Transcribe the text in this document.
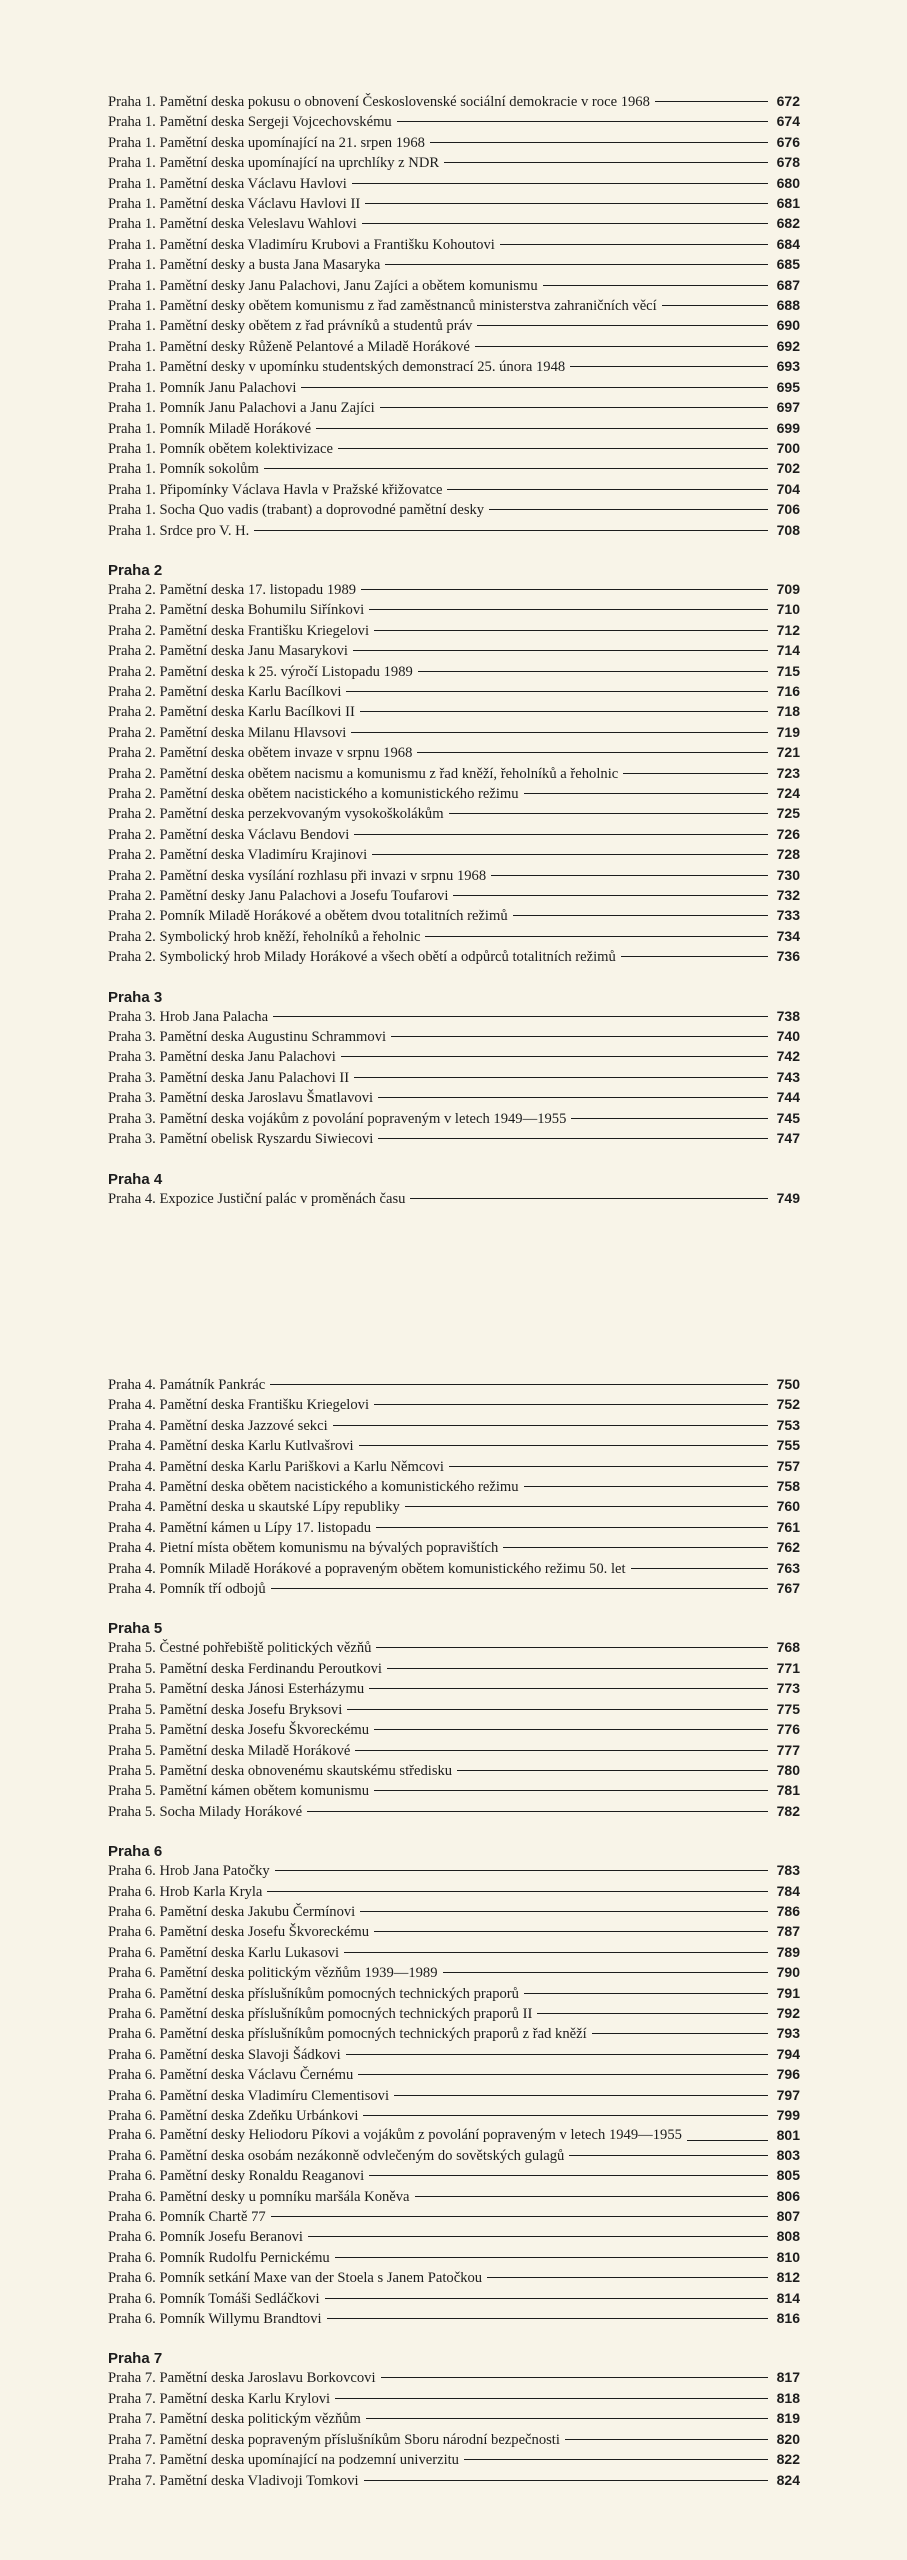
Praha 1. Pamětní deska pokusu o obnovení Československé sociální demokracie v roce 1968	672
Praha 1. Pamětní deska Sergeji Vojcechovskému	674
Praha 1. Pamětní deska upomínající na 21. srpen 1968	676
Praha 1. Pamětní deska upomínající na uprchlíky z NDR	678
Praha 1. Pamětní deska Václavu Havlovi	680
Praha 1. Pamětní deska Václavu Havlovi II	681
Praha 1. Pamětní deska Veleslavu Wahlovi	682
Praha 1. Pamětní deska Vladimíru Krubovi a Františku Kohoutovi	684
Praha 1. Pamětní desky a busta Jana Masaryka	685
Praha 1. Pamětní desky Janu Palachovi, Janu Zajíci a obětem komunismu	687
Praha 1. Pamětní desky obětem komunismu z řad zaměstnanců ministerstva zahraničních věcí	688
Praha 1. Pamětní desky obětem z řad právníků a studentů práv	690
Praha 1. Pamětní desky Růženě Pelantové a Miladě Horákové	692
Praha 1. Pamětní desky v upomínku studentských demonstrací 25. února 1948	693
Praha 1. Pomník Janu Palachovi	695
Praha 1. Pomník Janu Palachovi a Janu Zajíci	697
Praha 1. Pomník Miladě Horákové	699
Praha 1. Pomník obětem kolektivizace	700
Praha 1. Pomník sokolům	702
Praha 1. Připomínky Václava Havla v Pražské křižovatce	704
Praha 1. Socha Quo vadis (trabant) a doprovodné pamětní desky	706
Praha 1. Srdce pro V. H.	708
Praha 2
Praha 2. Pamětní deska 17. listopadu 1989	709
Praha 2. Pamětní deska Bohumilu Siřínkovi	710
Praha 2. Pamětní deska Františku Kriegelovi	712
Praha 2. Pamětní deska Janu Masarykovi	714
Praha 2. Pamětní deska k 25. výročí Listopadu 1989	715
Praha 2. Pamětní deska Karlu Bacílkovi	716
Praha 2. Pamětní deska Karlu Bacílkovi II	718
Praha 2. Pamětní deska Milanu Hlavsovi	719
Praha 2. Pamětní deska obětem invaze v srpnu 1968	721
Praha 2. Pamětní deska obětem nacismu a komunismu z řad kněží, řeholníků a řeholnic	723
Praha 2. Pamětní deska obětem nacistického a komunistického režimu	724
Praha 2. Pamětní deska perzekvovaným vysokoškolákům	725
Praha 2. Pamětní deska Václavu Bendovi	726
Praha 2. Pamětní deska Vladimíru Krajinovi	728
Praha 2. Pamětní deska vysílání rozhlasu při invazi v srpnu 1968	730
Praha 2. Pamětní desky Janu Palachovi a Josefu Toufarovi	732
Praha 2. Pomník Miladě Horákové a obětem dvou totalitních režimů	733
Praha 2. Symbolický hrob kněží, řeholníků a řeholnic	734
Praha 2. Symbolický hrob Milady Horákové a všech obětí a odpůrců totalitních režimů	736
Praha 3
Praha 3. Hrob Jana Palacha	738
Praha 3. Pamětní deska Augustinu Schrammovi	740
Praha 3. Pamětní deska Janu Palachovi	742
Praha 3. Pamětní deska Janu Palachovi II	743
Praha 3. Pamětní deska Jaroslavu Šmatlavovi	744
Praha 3. Pamětní deska vojákům z povolání popraveným v letech 1949—1955	745
Praha 3. Pamětní obelisk Ryszardu Siwiecovi	747
Praha 4
Praha 4. Expozice Justiční palác v proměnách času	749
Praha 4. Památník Pankrác	750
Praha 4. Pamětní deska Františku Kriegelovi	752
Praha 4. Pamětní deska Jazzové sekci	753
Praha 4. Pamětní deska Karlu Kutlvašrovi	755
Praha 4. Pamětní deska Karlu Pariškovi a Karlu Němcovi	757
Praha 4. Pamětní deska obětem nacistického a komunistického režimu	758
Praha 4. Pamětní deska u skautské Lípy republiky	760
Praha 4. Pamětní kámen u Lípy 17. listopadu	761
Praha 4. Pietní místa obětem komunismu na bývalých popravištích	762
Praha 4. Pomník Miladě Horákové a popraveným obětem komunistického režimu 50. let	763
Praha 4. Pomník tří odbojů	767
Praha 5
Praha 5. Čestné pohřebiště politických vězňů	768
Praha 5. Pamětní deska Ferdinandu Peroutkovi	771
Praha 5. Pamětní deska Jánosi Esterházymu	773
Praha 5. Pamětní deska Josefu Bryksovi	775
Praha 5. Pamětní deska Josefu Škvoreckému	776
Praha 5. Pamětní deska Miladě Horákové	777
Praha 5. Pamětní deska obnovenému skautskému středisku	780
Praha 5. Pamětní kámen obětem komunismu	781
Praha 5. Socha Milady Horákové	782
Praha 6
Praha 6. Hrob Jana Patočky	783
Praha 6. Hrob Karla Kryla	784
Praha 6. Pamětní deska Jakubu Čermínovi	786
Praha 6. Pamětní deska Josefu Škvoreckému	787
Praha 6. Pamětní deska Karlu Lukasovi	789
Praha 6. Pamětní deska politickým vězňům 1939—1989	790
Praha 6. Pamětní deska příslušníkům pomocných technických praporů	791
Praha 6. Pamětní deska příslušníkům pomocných technických praporů II	792
Praha 6. Pamětní deska příslušníkům pomocných technických praporů z řad kněží	793
Praha 6. Pamětní deska Slavoji Šádkovi	794
Praha 6. Pamětní deska Václavu Černému	796
Praha 6. Pamětní deska Vladimíru Clementisovi	797
Praha 6. Pamětní deska Zdeňku Urbánkovi	799
Praha 6. Pamětní desky Heliodoru Píkovi a vojákům z povolání popraveným v letech 1949—1955	801
Praha 6. Pamětní deska osobám nezákonně odvlečeným do sovětských gulagů	803
Praha 6. Pamětní desky Ronaldu Reaganovi	805
Praha 6. Pamětní desky u pomníku maršála Koněva	806
Praha 6. Pomník Chartě 77	807
Praha 6. Pomník Josefu Beranovi	808
Praha 6. Pomník Rudolfu Pernickému	810
Praha 6. Pomník setkání Maxe van der Stoela s Janem Patočkou	812
Praha 6. Pomník Tomáši Sedláčkovi	814
Praha 6. Pomník Willymu Brandtovi	816
Praha 7
Praha 7. Pamětní deska Jaroslavu Borkovcovi	817
Praha 7. Pamětní deska Karlu Krylovi	818
Praha 7. Pamětní deska politickým vězňům	819
Praha 7. Pamětní deska popraveným příslušníkům Sboru národní bezpečnosti	820
Praha 7. Pamětní deska upomínající na podzemní univerzitu	822
Praha 7. Pamětní deska Vladivoji Tomkovi	824
